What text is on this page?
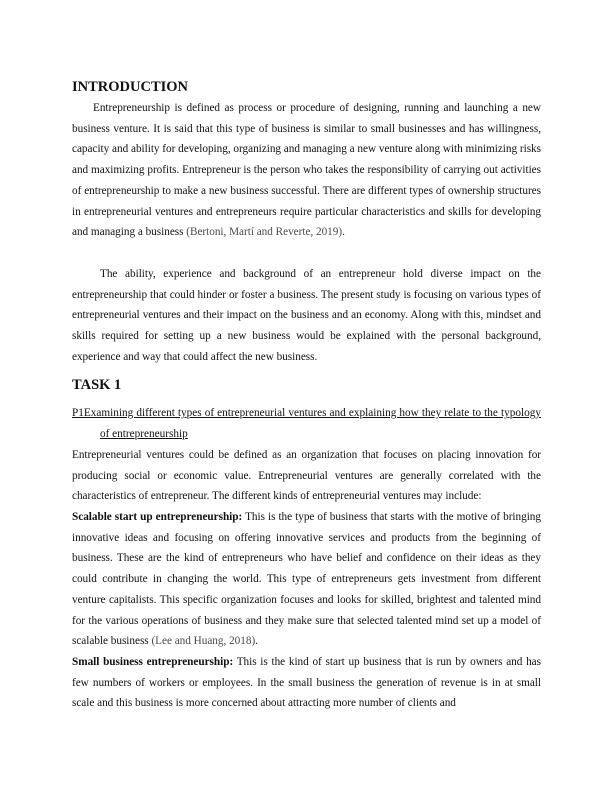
INTRODUCTION

Entrepreneurship is defined as process or procedure of designing, running and launching a new business venture. It is said that this type of business is similar to small businesses and has willingness, capacity and ability for developing, organizing and managing a new venture along with minimizing risks and maximizing profits. Entrepreneur is the person who takes the responsibility of carrying out activities of entrepreneurship to make a new business successful. There are different types of ownership structures in entrepreneurial ventures and entrepreneurs require particular characteristics and skills for developing and managing a business (Bertoni, Martí and Reverte, 2019).

The ability, experience and background of an entrepreneur hold diverse impact on the entrepreneurship that could hinder or foster a business. The present study is focusing on various types of entrepreneurial ventures and their impact on the business and an economy. Along with this, mindset and skills required for setting up a new business would be explained with the personal background, experience and way that could affect the new business.

TASK 1

P1Examining different types of entrepreneurial ventures and explaining how they relate to the typology of entrepreneurship

Entrepreneurial ventures could be defined as an organization that focuses on placing innovation for producing social or economic value. Entrepreneurial ventures are generally correlated with the characteristics of entrepreneur. The different kinds of entrepreneurial ventures may include:

Scalable start up entrepreneurship: This is the type of business that starts with the motive of bringing innovative ideas and focusing on offering innovative services and products from the beginning of business. These are the kind of entrepreneurs who have belief and confidence on their ideas as they could contribute in changing the world. This type of entrepreneurs gets investment from different venture capitalists. This specific organization focuses and looks for skilled, brightest and talented mind for the various operations of business and they make sure that selected talented mind set up a model of scalable business (Lee and Huang, 2018).

Small business entrepreneurship: This is the kind of start up business that is run by owners and has few numbers of workers or employees. In the small business the generation of revenue is in at small scale and this business is more concerned about attracting more number of clients and
